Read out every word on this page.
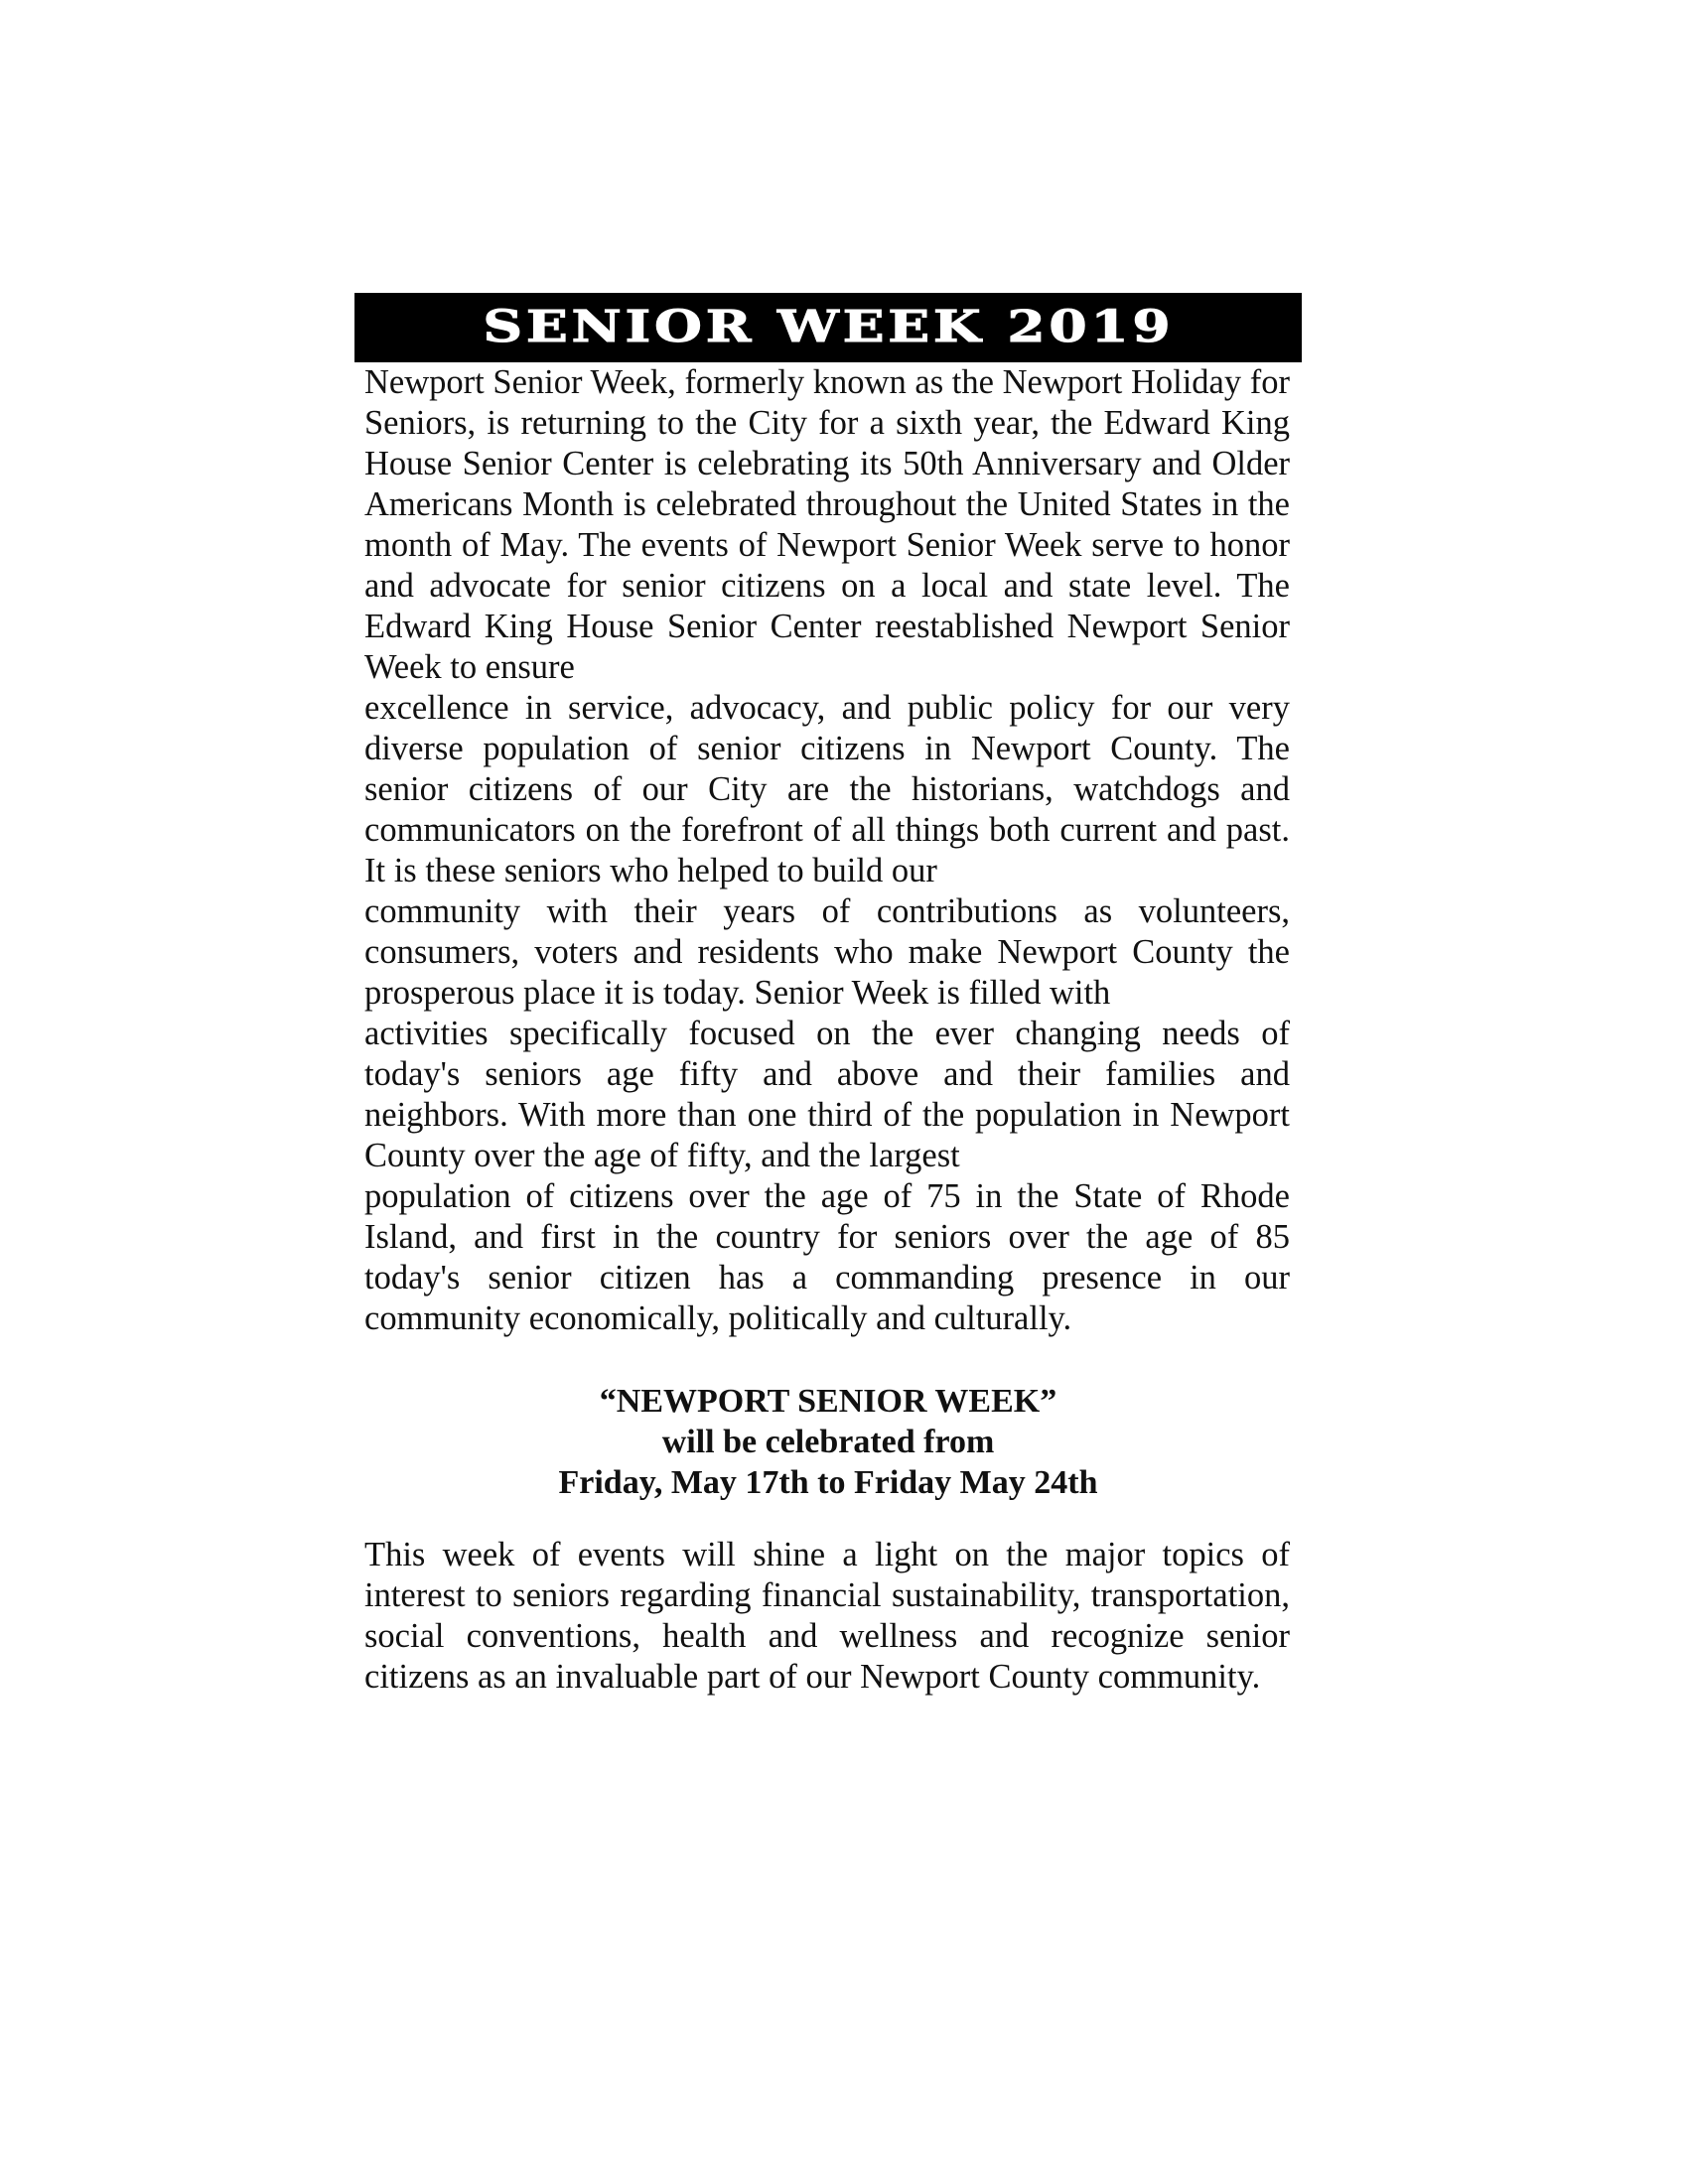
SENIOR WEEK 2019

Newport Senior Week, formerly known as the Newport Holiday for Seniors, is returning to the City for a sixth year, the Edward King House Senior Center is celebrating its 50th Anniversary and Older Americans Month is celebrated throughout the United States in the month of May. The events of Newport Senior Week serve to honor and advocate for senior citizens on a local and state level. The Edward King House Senior Center reestablished Newport Senior Week to ensure

excellence in service, advocacy, and public policy for our very diverse population of senior citizens in Newport County. The senior citizens of our City are the historians, watchdogs and communicators on the forefront of all things both current and past. It is these seniors who helped to build our

community with their years of contributions as volunteers, consumers, voters and residents who make Newport County the prosperous place it is today. Senior Week is filled with

activities specifically focused on the ever changing needs of today's seniors age fifty and above and their families and neighbors. With more than one third of the population in Newport County over the age of fifty, and the largest

population of citizens over the age of 75 in the State of Rhode Island, and first in the country for seniors over the age of 85 today's senior citizen has a commanding presence in our community economically, politically and culturally.

“NEWPORT SENIOR WEEK”
will be celebrated from
Friday, May 17th to Friday May 24th

This week of events will shine a light on the major topics of interest to seniors regarding financial sustainability, transportation, social conventions, health and wellness and recognize senior citizens as an invaluable part of our Newport County community.
